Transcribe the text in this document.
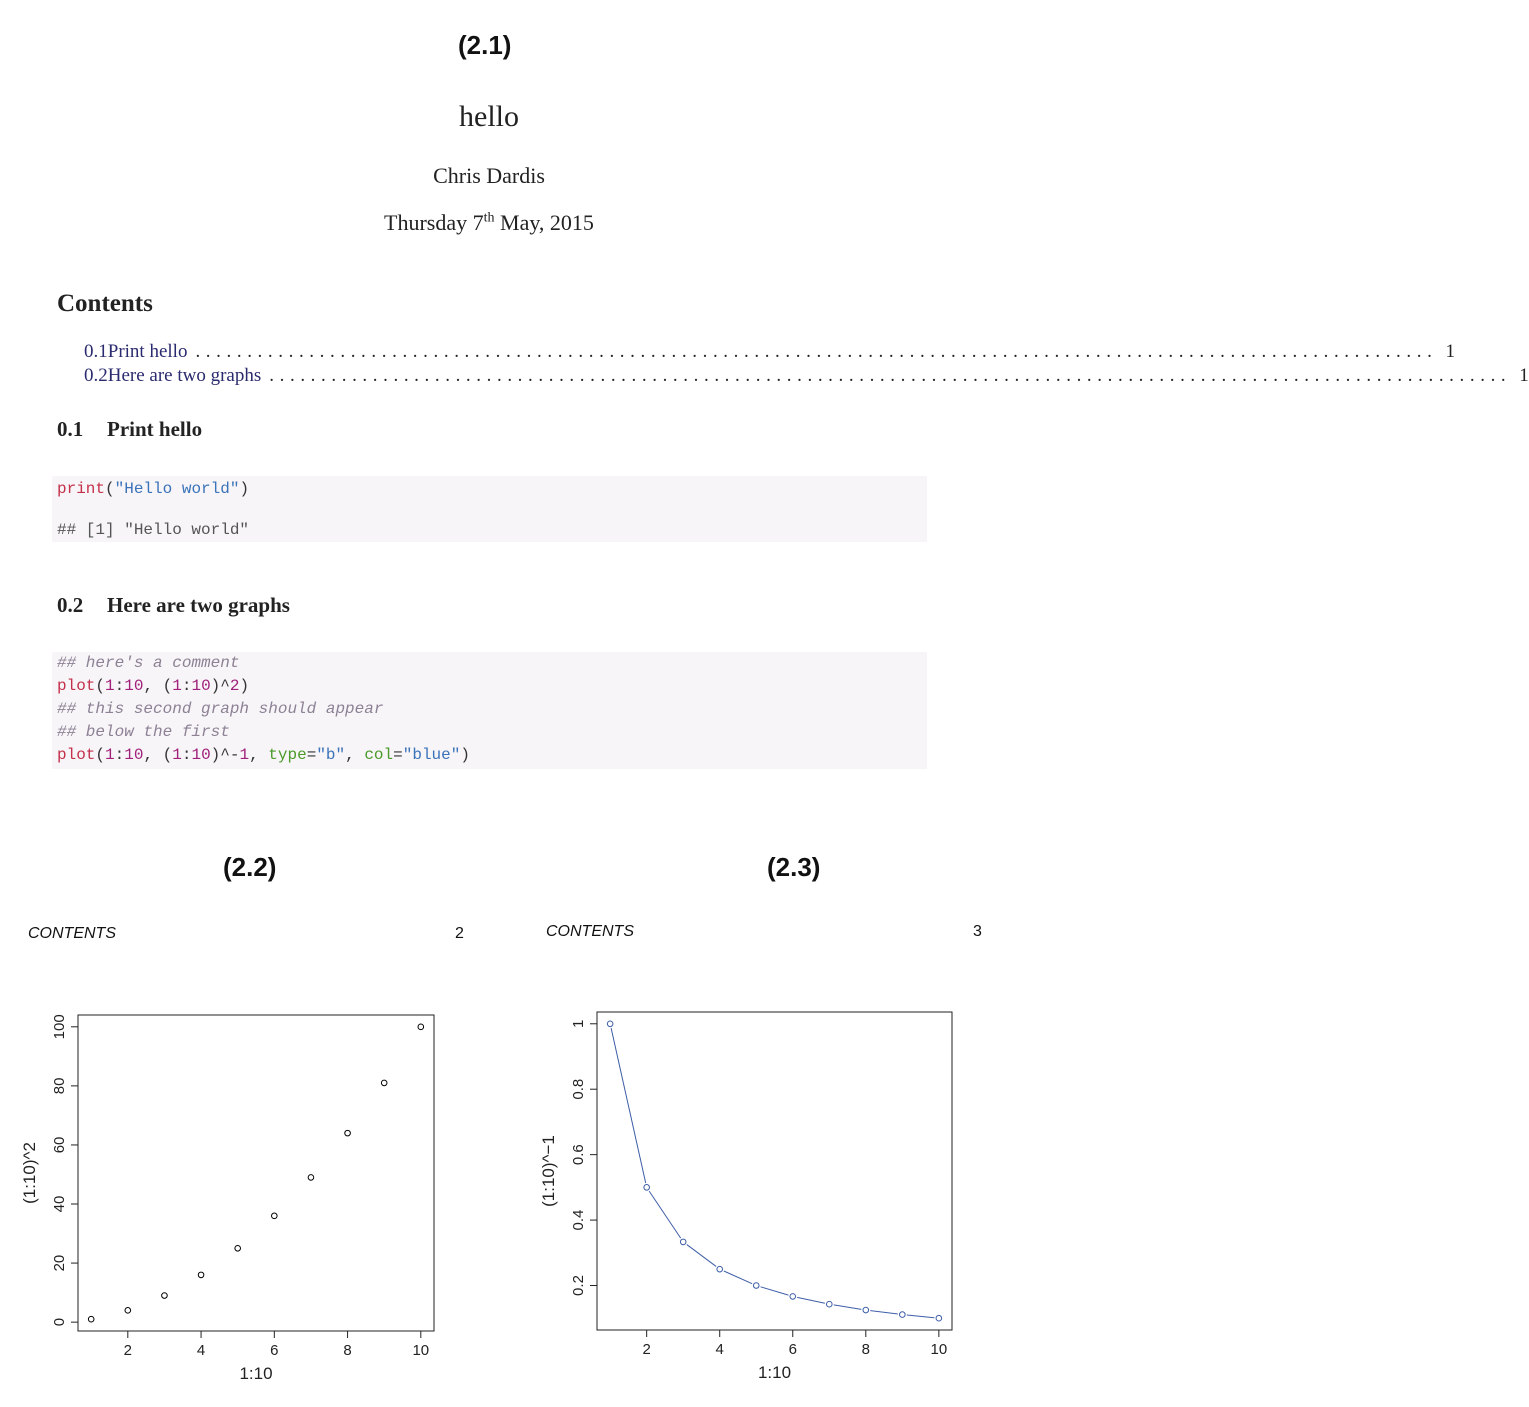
(2.1)
(2.2)	(2.3)
hello
Chris Dardis
Thursday 7th May, 2015
Contents
0.1 Print hello ........................................................................................................................ 1
0.2 Here are two graphs ........................................................................................................................ 1
0.1 Print hello
print("Hello world")
## [1] "Hello world"
0.2 Here are two graphs
## here's a comment
plot(1:10, (1:10)^2)
## this second graph should appear
## below the first
plot(1:10, (1:10)^-1, type="b", col="blue")
CONTENTS	2	CONTENTS	3
2	4	6	8	10
0
20
40
60
80
100
1:10
(1:10)^2
2	4	6	8	10
0.2
0.4
0.6
0.8
1
1:10
(1:10)^−1
